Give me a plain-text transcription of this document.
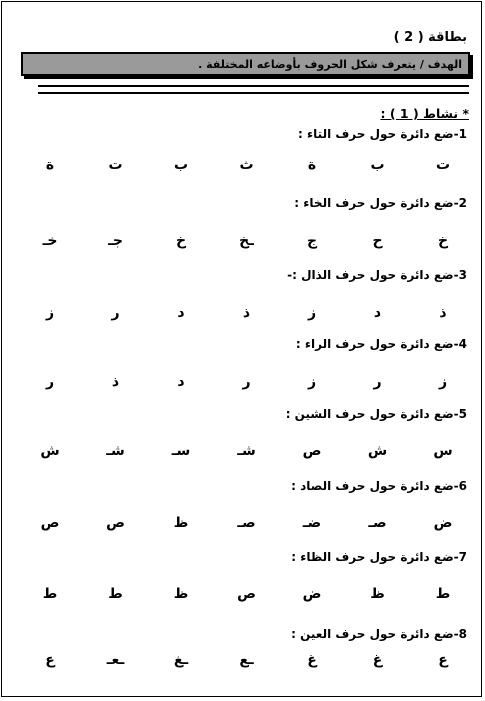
بطاقة ( 2 )
الهدف / يتعرف شكل الحروف بأوضاعه المختلفة .
* نشاط ( 1 ) :
1-ضع دائرة حول حرف التاء :
ت
ب
ة
ث
ب
ت
ة
2-ضع دائرة حول حرف الخاء :
خ
ح
ج
ـخ
خ
جـ
خـ
3-ضع دائرة حول حرف الذال :-
ذ
د
ز
ذ
د
ر
ز
4-ضع دائرة حول حرف الراء :
ز
ر
ز
ر
د
ذ
ر
5-ضع دائرة حول حرف الشين :
س
ش
ص
شـ
سـ
شـ
ش
6-ضع دائرة حول حرف الصاد :
ض
صـ
ضـ
صـ
ظ
ص
ص
7-ضع دائرة حول حرف الظاء :
ط
ظ
ض
ص
ظ
ط
ط
8-ضع دائرة حول حرف العين :
ع
غ
غ
ـع
ـغ
ـعـ
ع
